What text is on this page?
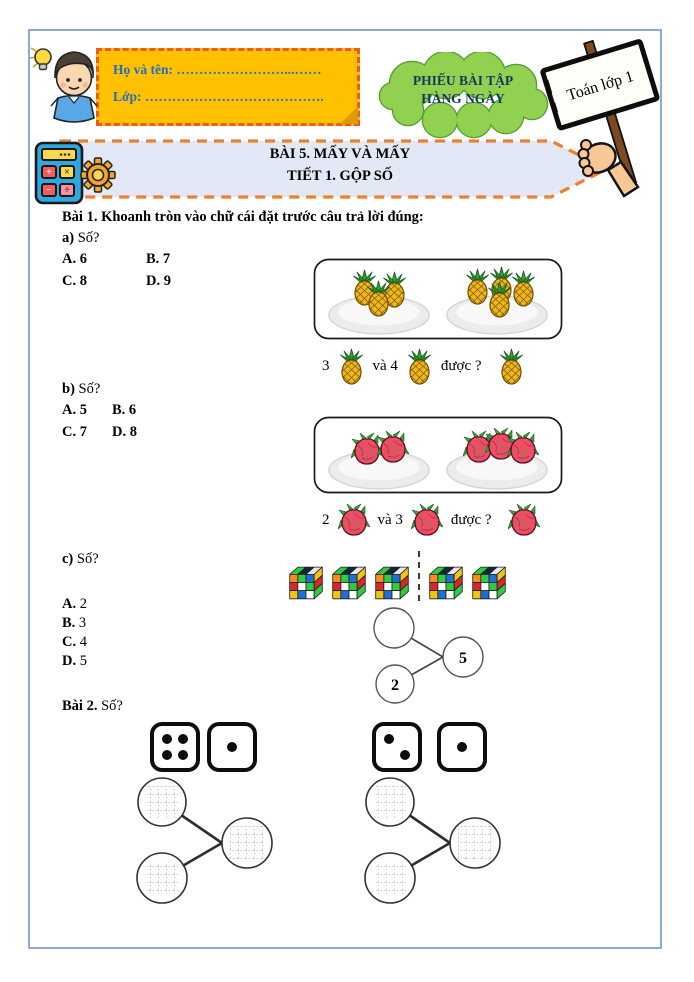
Họ và tên: ……………………...……
Lớp: ………………………………….
PHIẾU BÀI TẬP
HÀNG NGÀY	Toán lớp 1
BÀI 5. MẤY VÀ MẤY
TIẾT 1. GỘP SỐ
+ ×
− ÷
Bài 1. Khoanh tròn vào chữ cái đặt trước câu trả lời đúng:
a) Số?
A. 6	B. 7
C. 8	D. 9
3	và 4	được ?
b) Số?
A. 5 B. 6
C. 7 D. 8
2	và 3	được ?
c) Số?
A. 2
B. 3
C. 4
D. 5
2
5
Bài 2. Số?
